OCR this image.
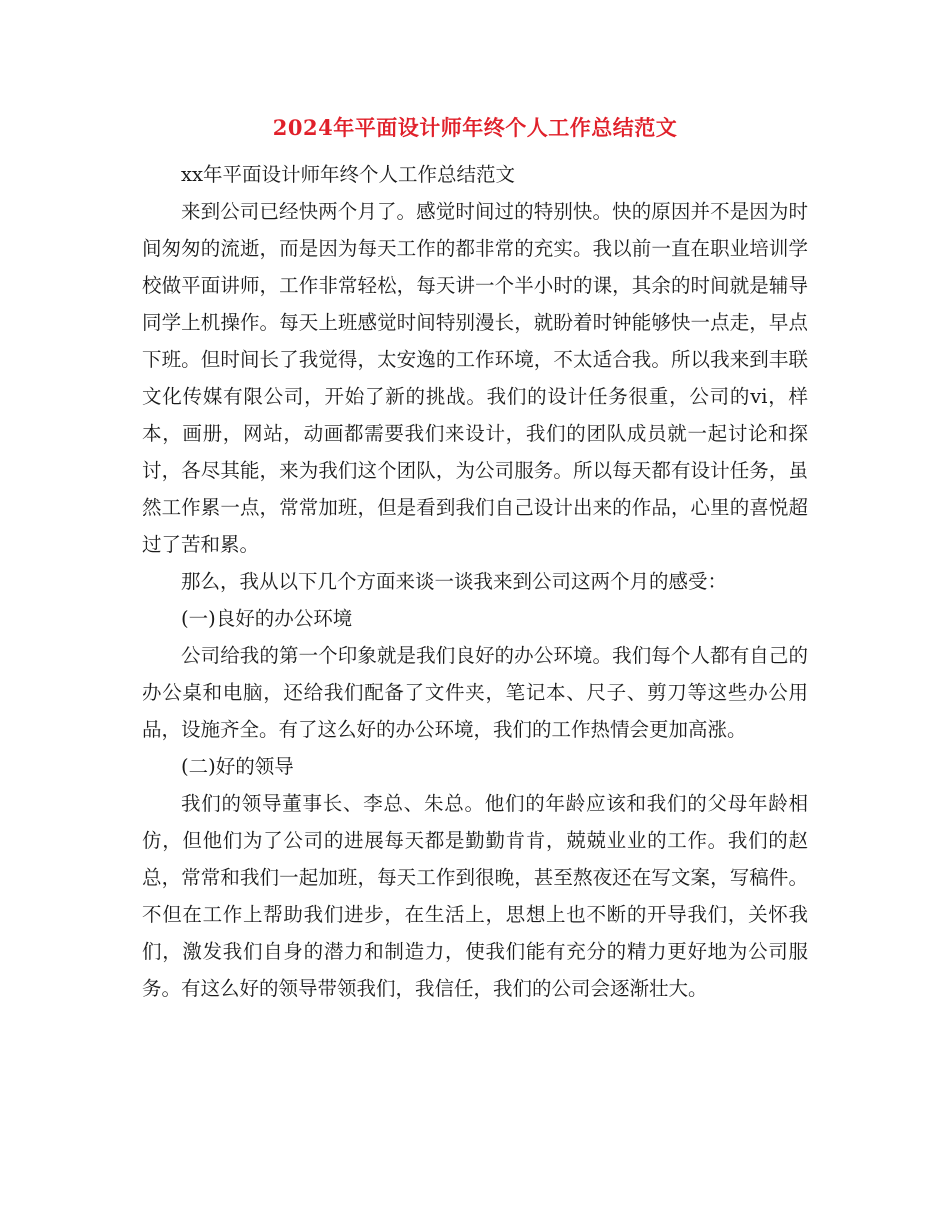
2024年平面设计师年终个人工作总结范文

xx年平面设计师年终个人工作总结范文

来到公司已经快两个月了。感觉时间过的特别快。快的原因并不是因为时间匆匆的流逝，而是因为每天工作的都非常的充实。我以前一直在职业培训学校做平面讲师，工作非常轻松，每天讲一个半小时的课，其余的时间就是辅导同学上机操作。每天上班感觉时间特别漫长，就盼着时钟能够快一点走，早点下班。但时间长了我觉得，太安逸的工作环境，不太适合我。所以我来到丰联文化传媒有限公司，开始了新的挑战。我们的设计任务很重，公司的vi，样本，画册，网站，动画都需要我们来设计，我们的团队成员就一起讨论和探讨，各尽其能，来为我们这个团队，为公司服务。所以每天都有设计任务，虽然工作累一点，常常加班，但是看到我们自己设计出来的作品，心里的喜悦超过了苦和累。

那么，我从以下几个方面来谈一谈我来到公司这两个月的感受：

(一)良好的办公环境

公司给我的第一个印象就是我们良好的办公环境。我们每个人都有自己的办公桌和电脑，还给我们配备了文件夹，笔记本、尺子、剪刀等这些办公用品，设施齐全。有了这么好的办公环境，我们的工作热情会更加高涨。

(二)好的领导

我们的领导董事长、李总、朱总。他们的年龄应该和我们的父母年龄相仿，但他们为了公司的进展每天都是勤勤肯肯，兢兢业业的工作。我们的赵总，常常和我们一起加班，每天工作到很晚，甚至熬夜还在写文案，写稿件。不但在工作上帮助我们进步，在生活上，思想上也不断的开导我们，关怀我们，激发我们自身的潜力和制造力，使我们能有充分的精力更好地为公司服务。有这么好的领导带领我们，我信任，我们的公司会逐渐壮大。
